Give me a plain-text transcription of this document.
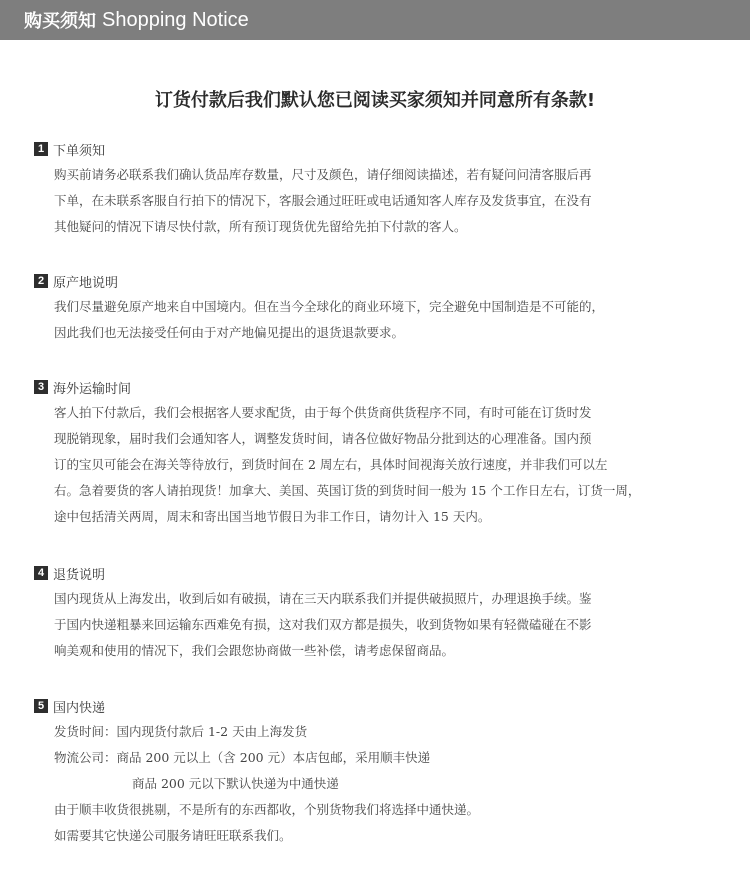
购买须知 Shopping Notice
订货付款后我们默认您已阅读买家须知并同意所有条款!
1 下单须知
购买前请务必联系我们确认货品库存数量，尺寸及颜色，请仔细阅读描述，若有疑问问清客服后再
下单，在未联系客服自行拍下的情况下，客服会通过旺旺或电话通知客人库存及发货事宜，在没有
其他疑问的情况下请尽快付款，所有预订现货优先留给先拍下付款的客人。
2 原产地说明
我们尽量避免原产地来自中国境内。但在当今全球化的商业环境下，完全避免中国制造是不可能的，
因此我们也无法接受任何由于对产地偏见提出的退货退款要求。
3 海外运输时间
客人拍下付款后，我们会根据客人要求配货，由于每个供货商供货程序不同，有时可能在订货时发
现脱销现象，届时我们会通知客人，调整发货时间，请各位做好物品分批到达的心理准备。国内预
订的宝贝可能会在海关等待放行，到货时间在 2 周左右，具体时间视海关放行速度，并非我们可以左
右。急着要货的客人请拍现货！加拿大、美国、英国订货的到货时间一般为 15 个工作日左右，订货一周，
途中包括清关两周，周末和寄出国当地节假日为非工作日，请勿计入 15 天内。
4 退货说明
国内现货从上海发出，收到后如有破损，请在三天内联系我们并提供破损照片，办理退换手续。鉴
于国内快递粗暴来回运输东西难免有损，这对我们双方都是损失，收到货物如果有轻微磕碰在不影
响美观和使用的情况下，我们会跟您协商做一些补偿，请考虑保留商品。
5 国内快递
发货时间：国内现货付款后 1-2 天由上海发货
物流公司：商品 200 元以上（含 200 元）本店包邮，采用顺丰快递
商品 200 元以下默认快递为中通快递
由于顺丰收货很挑剔，不是所有的东西都收，个别货物我们将选择中通快递。
如需要其它快递公司服务请旺旺联系我们。
